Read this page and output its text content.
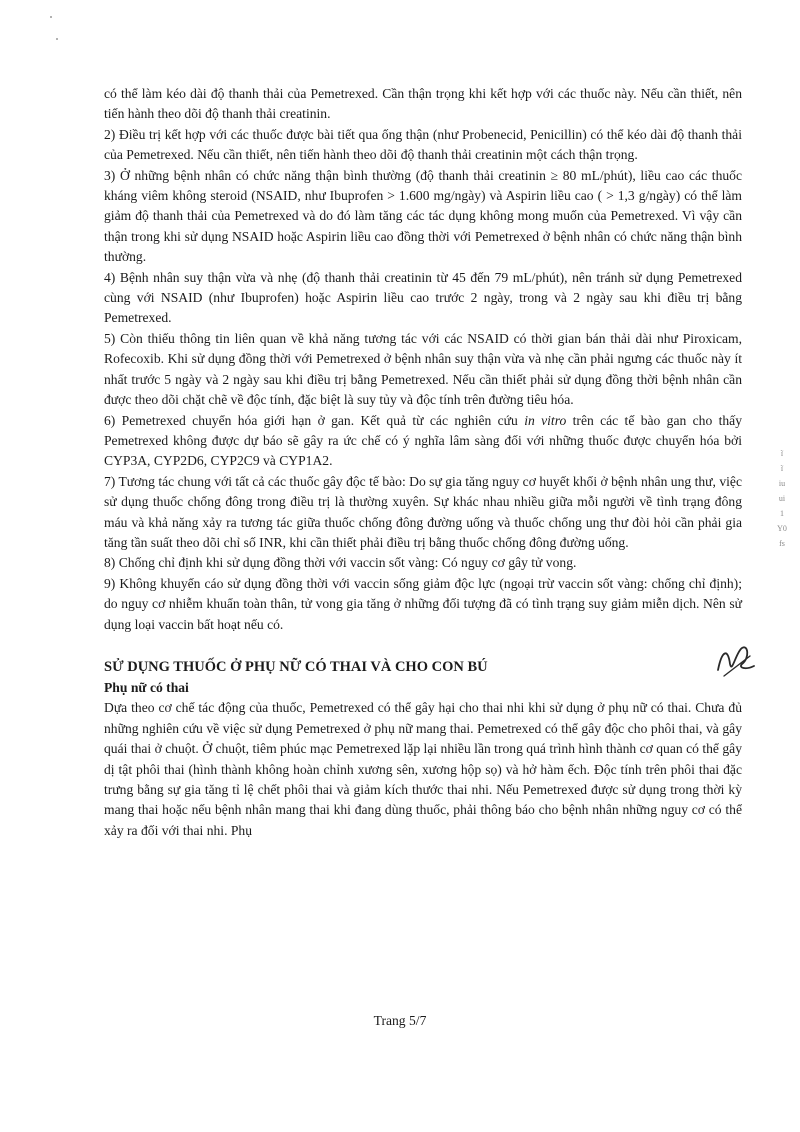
có thể làm kéo dài độ thanh thải của Pemetrexed. Cần thận trọng khi kết hợp với các thuốc này. Nếu cần thiết, nên tiến hành theo dõi độ thanh thải creatinin.

2) Điều trị kết hợp với các thuốc được bài tiết qua ống thận (như Probenecid, Penicillin) có thể kéo dài độ thanh thải của Pemetrexed. Nếu cần thiết, nên tiến hành theo dõi độ thanh thải creatinin một cách thận trọng.

3) Ở những bệnh nhân có chức năng thận bình thường (độ thanh thải creatinin ≥ 80 mL/phút), liều cao các thuốc kháng viêm không steroid (NSAID, như Ibuprofen > 1.600 mg/ngày) và Aspirin liều cao ( > 1,3 g/ngày) có thể làm giảm độ thanh thải của Pemetrexed và do đó làm tăng các tác dụng không mong muốn của Pemetrexed. Vì vậy cần thận trong khi sử dụng NSAID hoặc Aspirin liều cao đồng thời với Pemetrexed ở bệnh nhân có chức năng thận bình thường.

4) Bệnh nhân suy thận vừa và nhẹ (độ thanh thải creatinin từ 45 đến 79 mL/phút), nên tránh sử dụng Pemetrexed cùng với NSAID (như Ibuprofen) hoặc Aspirin liều cao trước 2 ngày, trong và 2 ngày sau khi điều trị bằng Pemetrexed.

5) Còn thiếu thông tin liên quan về khả năng tương tác với các NSAID có thời gian bán thải dài như Piroxicam, Rofecoxib. Khi sử dụng đồng thời với Pemetrexed ở bệnh nhân suy thận vừa và nhẹ cần phải ngưng các thuốc này ít nhất trước 5 ngày và 2 ngày sau khi điều trị bằng Pemetrexed. Nếu cần thiết phải sử dụng đồng thời bệnh nhân cần được theo dõi chặt chẽ về độc tính, đặc biệt là suy tủy và độc tính trên đường tiêu hóa.

6) Pemetrexed chuyển hóa giới hạn ở gan. Kết quả từ các nghiên cứu in vitro trên các tế bào gan cho thấy Pemetrexed không được dự báo sẽ gây ra ức chế có ý nghĩa lâm sàng đối với những thuốc được chuyển hóa bởi CYP3A, CYP2D6, CYP2C9 và CYP1A2.

7) Tương tác chung với tất cả các thuốc gây độc tế bào: Do sự gia tăng nguy cơ huyết khối ở bệnh nhân ung thư, việc sử dụng thuốc chống đông trong điều trị là thường xuyên. Sự khác nhau nhiều giữa mỗi người về tình trạng đông máu và khả năng xảy ra tương tác giữa thuốc chống đông đường uống và thuốc chống ung thư đòi hỏi cần phải gia tăng tần suất theo dõi chỉ số INR, khi cần thiết phải điều trị bằng thuốc chống đông đường uống.

8) Chống chỉ định khi sử dụng đồng thời với vaccin sốt vàng: Có nguy cơ gây tử vong.

9) Không khuyến cáo sử dụng đồng thời với vaccin sống giảm độc lực (ngoại trừ vaccin sốt vàng: chống chỉ định); do nguy cơ nhiễm khuẩn toàn thân, tử vong gia tăng ở những đối tượng đã có tình trạng suy giảm miễn dịch. Nên sử dụng loại vaccin bất hoạt nếu có.

SỬ DỤNG THUỐC Ở PHỤ NỮ CÓ THAI VÀ CHO CON BÚ

Phụ nữ có thai

Dựa theo cơ chế tác động của thuốc, Pemetrexed có thể gây hại cho thai nhi khi sử dụng ở phụ nữ có thai. Chưa đủ những nghiên cứu về việc sử dụng Pemetrexed ở phụ nữ mang thai. Pemetrexed có thể gây độc cho phôi thai, và gây quái thai ở chuột. Ở chuột, tiêm phúc mạc Pemetrexed lặp lại nhiều lần trong quá trình hình thành cơ quan có thể gây dị tật phôi thai (hình thành không hoàn chỉnh xương sên, xương hộp sọ) và hở hàm ếch. Độc tính trên phôi thai đặc trưng bằng sự gia tăng tỉ lệ chết phôi thai và giảm kích thước thai nhi. Nếu Pemetrexed được sử dụng trong thời kỳ mang thai hoặc nếu bệnh nhân mang thai khi đang dùng thuốc, phải thông báo cho bệnh nhân những nguy cơ có thể xảy ra đối với thai nhi. Phụ

ĩ
ĩ
iu
ui
1
Y0
fs
Trang 5/7
